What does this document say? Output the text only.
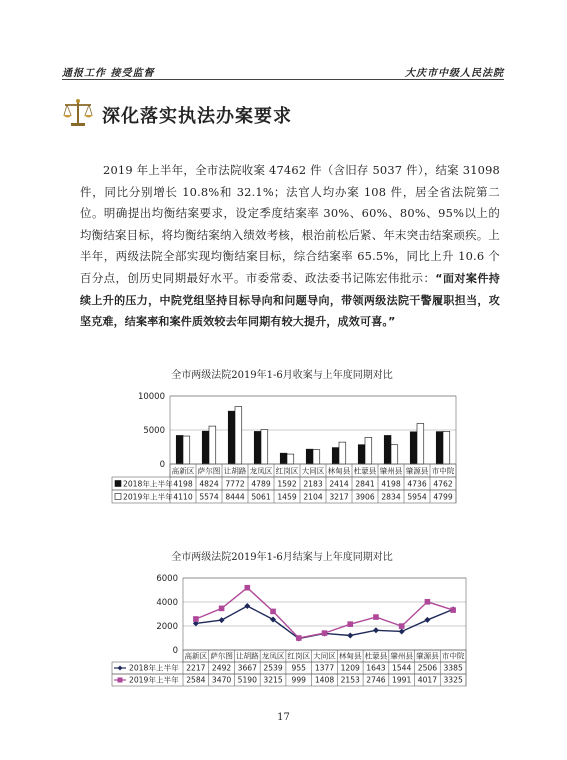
通报工作 接受监督	大庆市中级人民法院
深化落实执法办案要求

2019 年上半年，全市法院收案 47462 件（含旧存 5037 件），结案 31098 件，同比分别增长 10.8%和 32.1%；法官人均办案 108 件，居全省法院第二位。明确提出均衡结案要求，设定季度结案率 30%、60%、80%、95%以上的均衡结案目标，将均衡结案纳入绩效考核，根治前松后紧、年末突击结案顽疾。上半年，两级法院全部实现均衡结案目标，综合结案率 65.5%，同比上升 10.6 个百分点，创历史同期最好水平。市委常委、政法委书记陈宏伟批示：“面对案件持续上升的压力，中院党组坚持目标导向和问题导向，带领两级法院干警履职担当，攻坚克难，结案率和案件质效较去年同期有较大提升，成效可喜。”

全市两级法院2019年1-6月收案与上年度同期对比
10000
5000
0
高新区 萨尔图 让胡路 龙凤区 红岗区 大同区 林甸县 杜蒙县 肇州县 肇源县 市中院
2018年上半年 4198 4824 7772 4789 1592 2183 2414 2841 4198 4736 4762
2019年上半年 4110 5574 8444 5061 1459 2104 3217 3906 2834 5954 4799
全市两级法院2019年1-6月结案与上年度同期对比
6000
4000
2000
0 高新区 萨尔图 让胡路 龙凤区 红岗区 大同区 林甸县 杜蒙县 肇州县 肇源县 市中院
2018年上半年 2217 2492 3667 2539 955 1377 1209 1643 1544 2506 3385
2019年上半年 2584 3470 5190 3215 999 1408 2153 2746 1991 4017 3325
17
